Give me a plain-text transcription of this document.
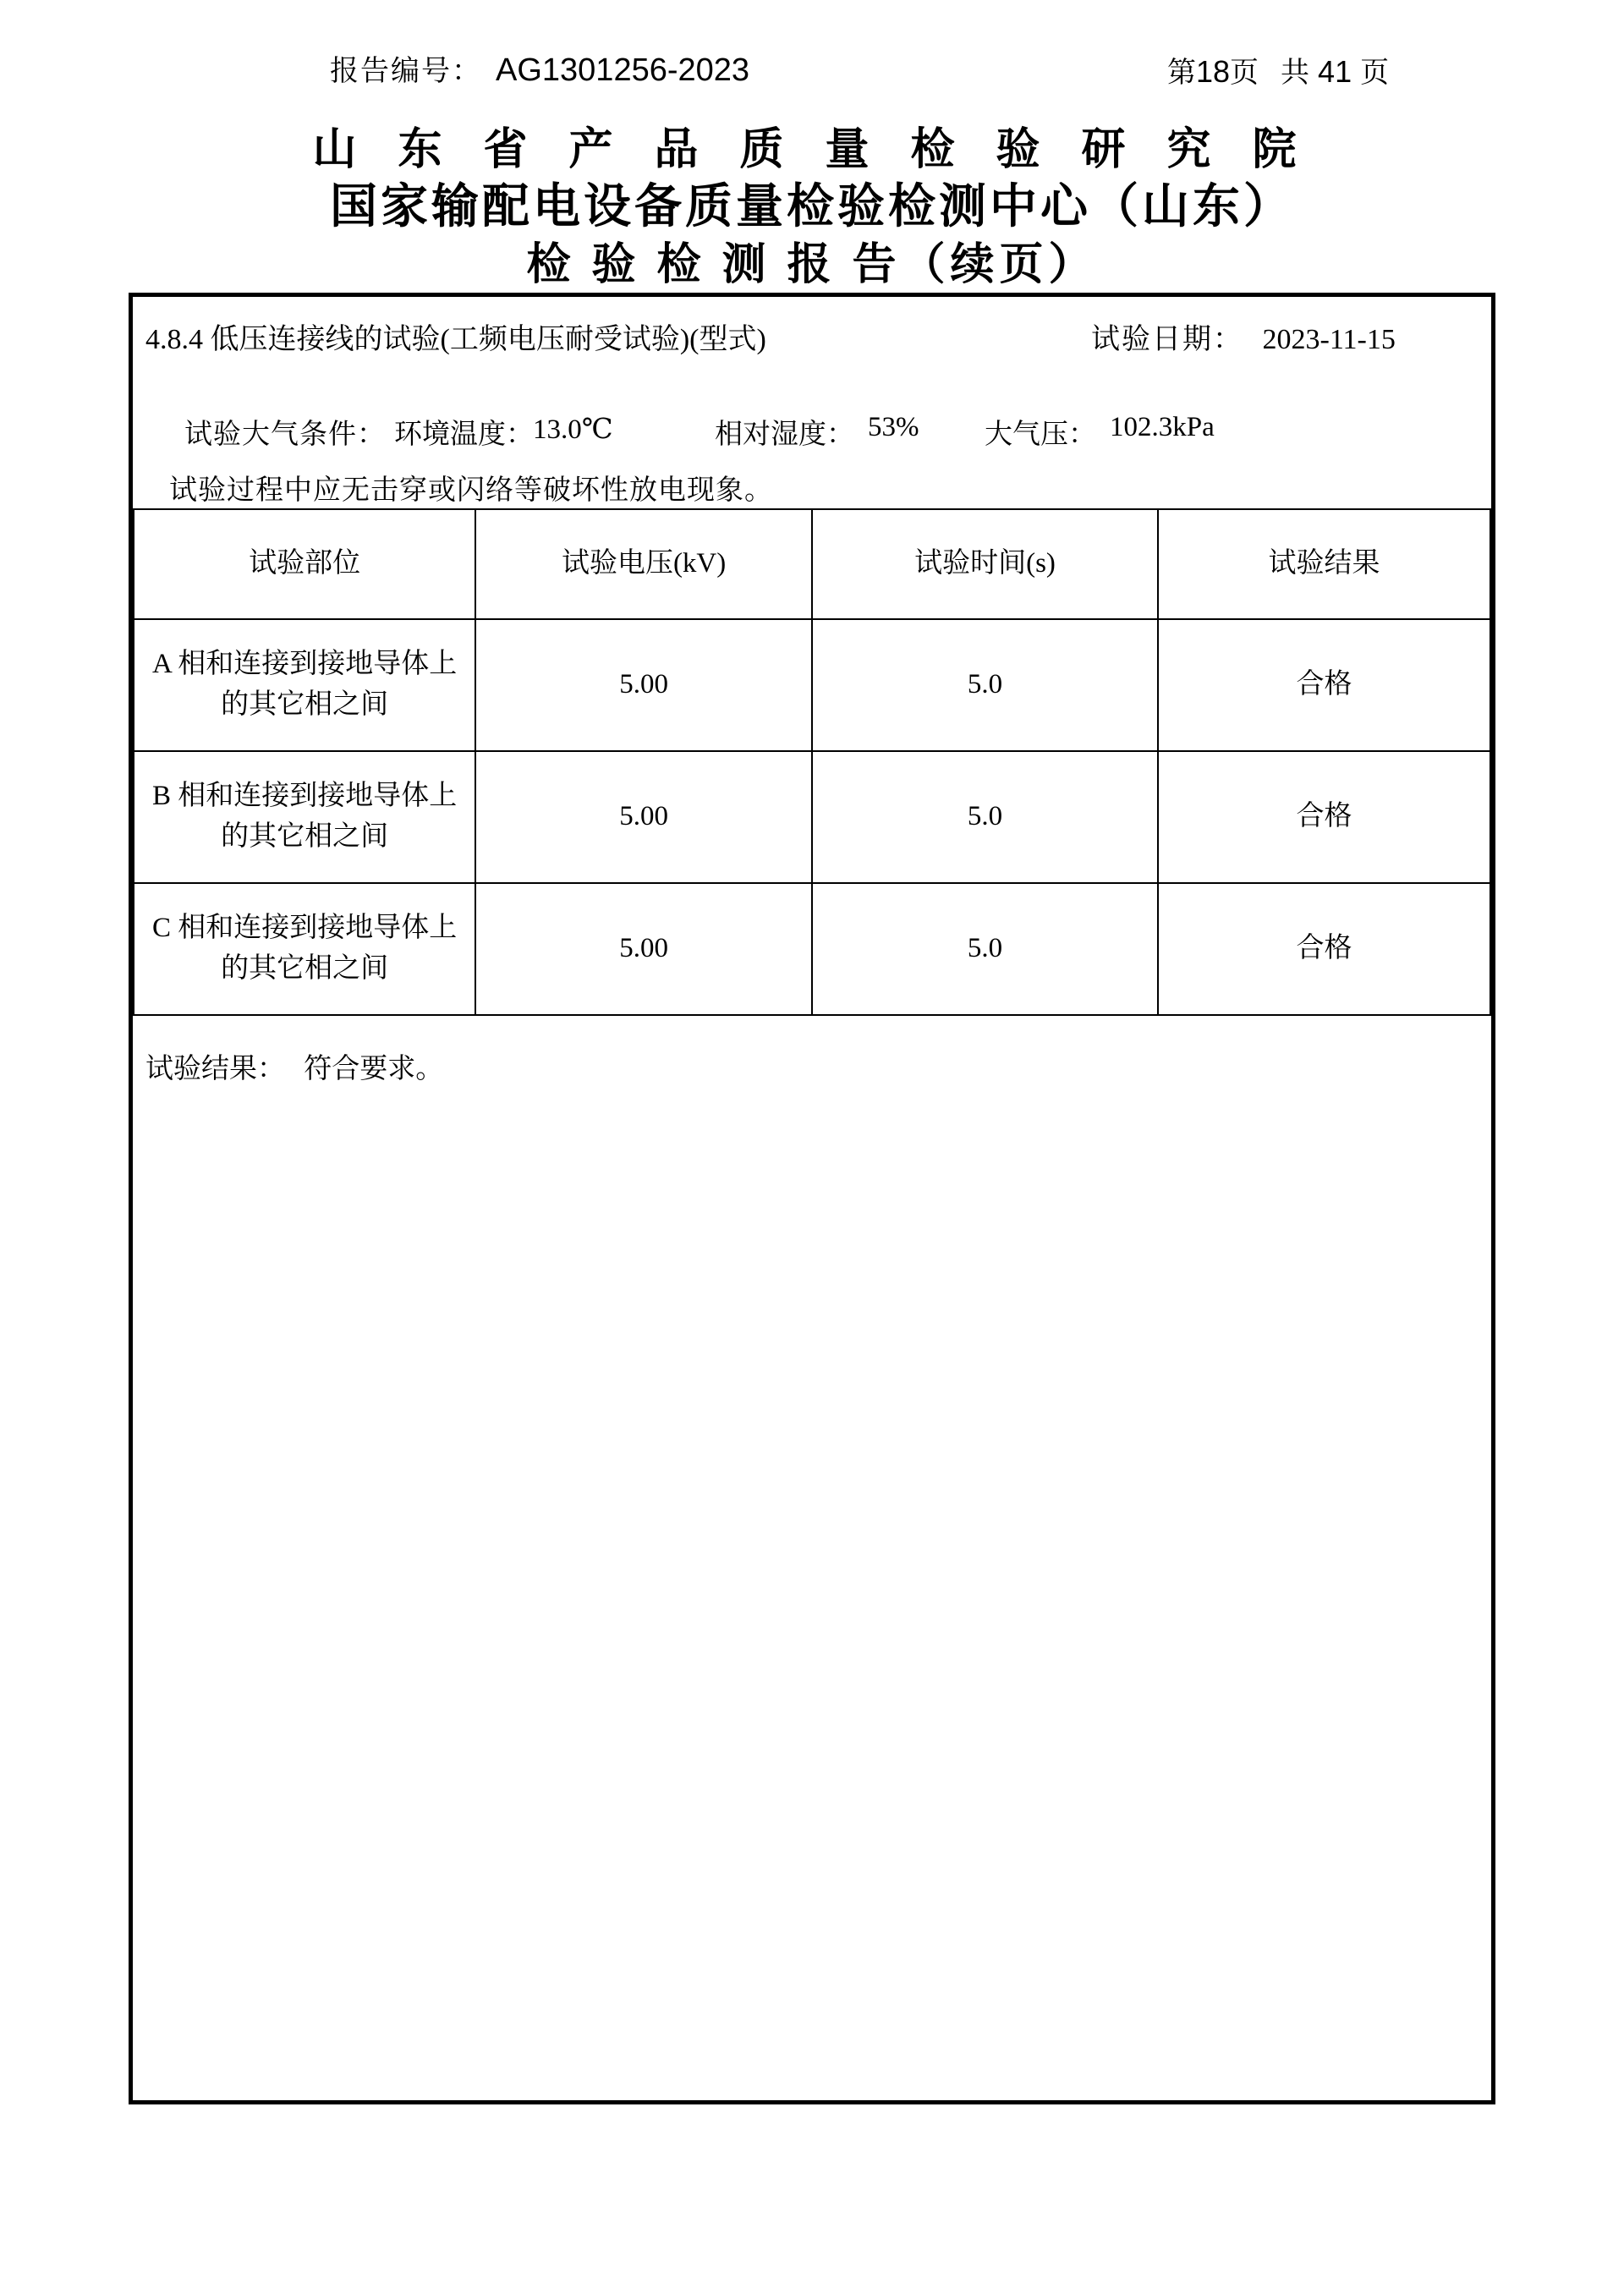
报告编号： AG1301256-2023	第 18 页 共 41 页
山 东 省 产 品 质 量 检 验 研 究 院
国家输配电设备质量检验检测中心（山东）
检 验 检 测 报 告（续页）
4.8.4 低压连接线的试验(工频电压耐受试验)(型式)	试验日期： 2023-11-15
试验大气条件： 环境温度： 13.0℃	相对湿度： 53% 大气压： 102.3kPa
试验过程中应无击穿或闪络等破坏性放电现象。
试验部位	试验电压(kV)	试验时间(s)	试验结果
A 相和连接到接地导体上的其它相之间	5.00	5.0	合格
B 相和连接到接地导体上的其它相之间	5.00	5.0	合格
C 相和连接到接地导体上的其它相之间	5.00	5.0	合格
试验结果： 符合要求。
